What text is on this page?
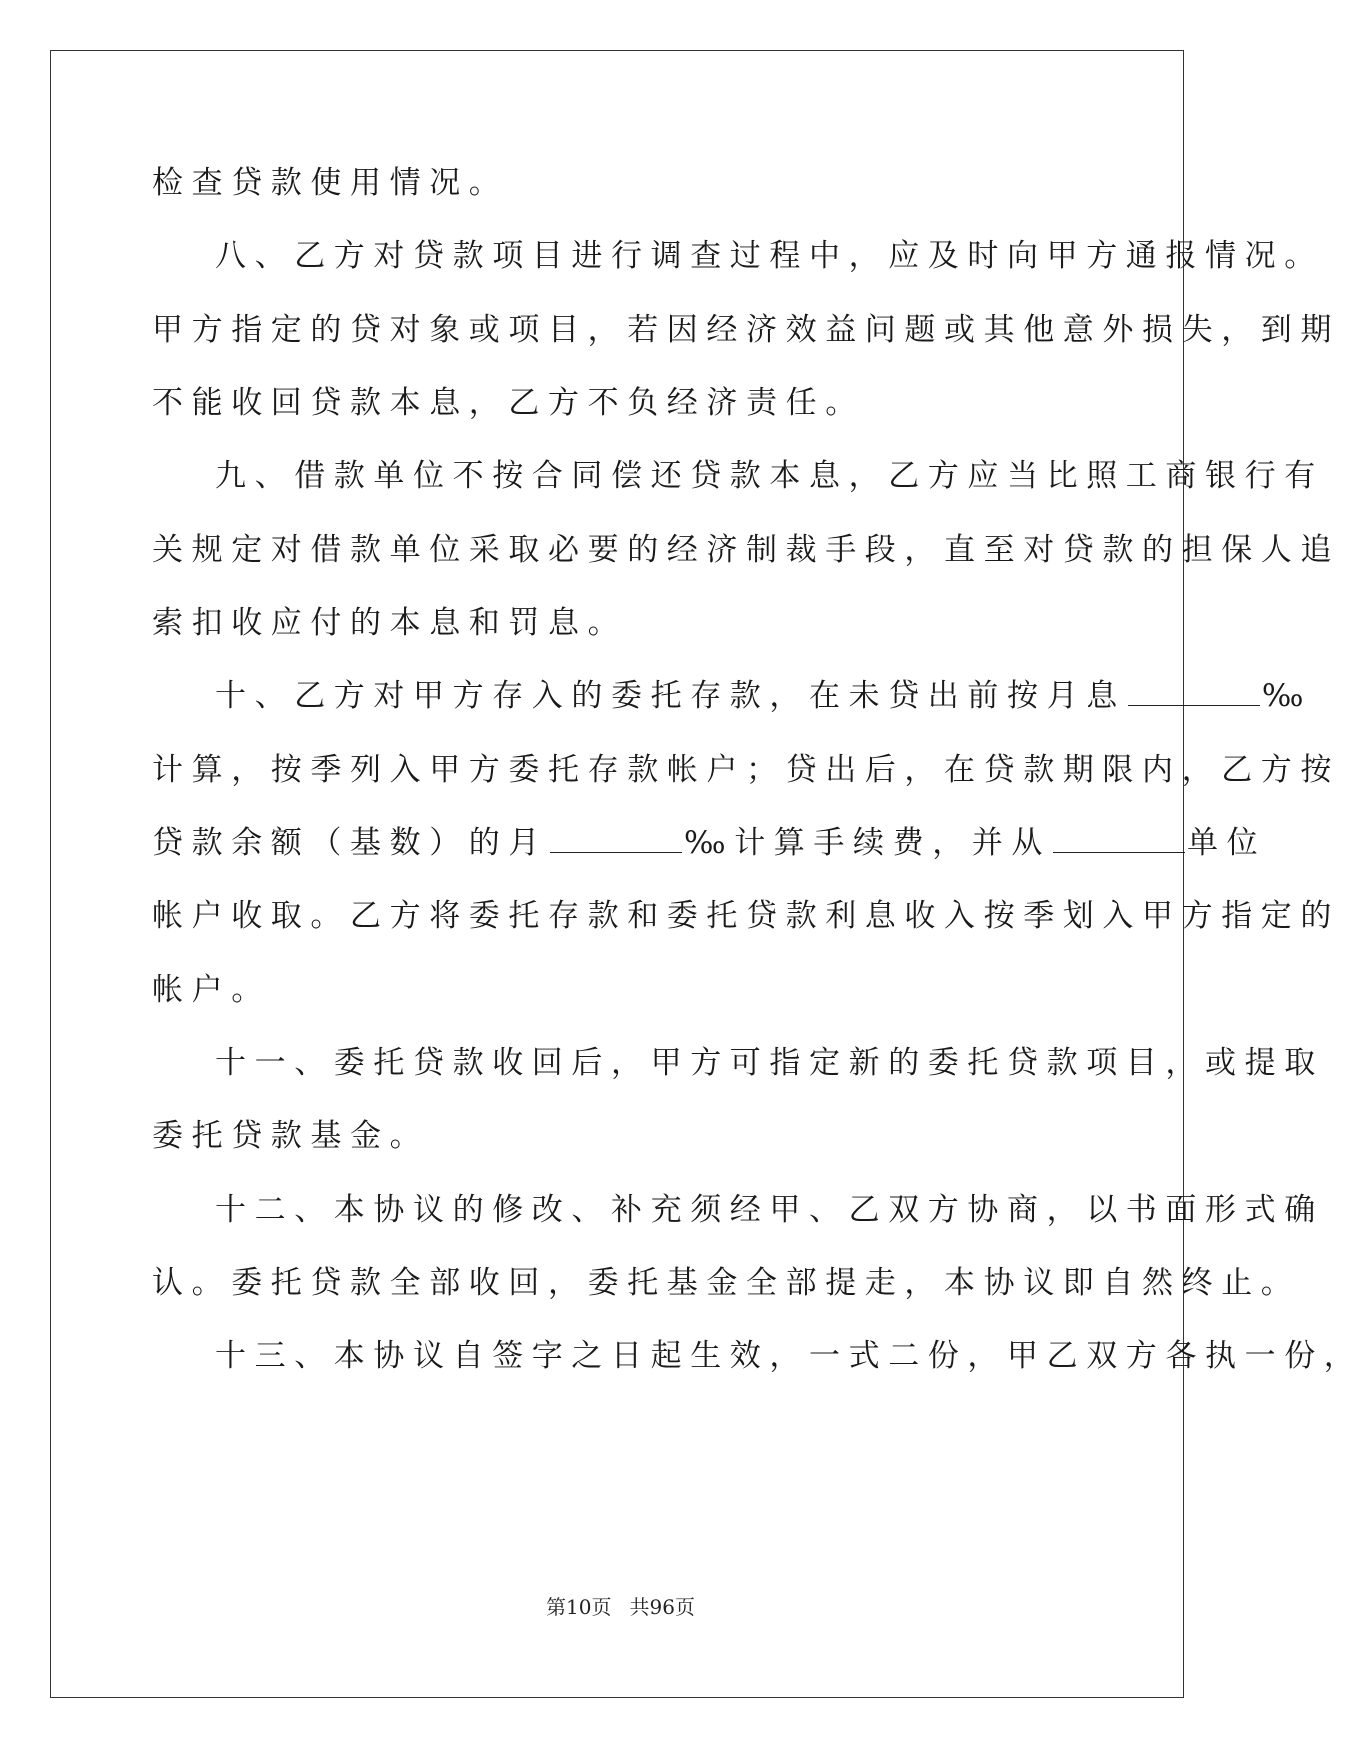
检查贷款使用情况。
八、乙方对贷款项目进行调查过程中，应及时向甲方通报情况。
甲方指定的贷对象或项目，若因经济效益问题或其他意外损失，到期
不能收回贷款本息，乙方不负经济责任。
九、借款单位不按合同偿还贷款本息，乙方应当比照工商银行有
关规定对借款单位采取必要的经济制裁手段，直至对贷款的担保人追
索扣收应付的本息和罚息。
十、乙方对甲方存入的委托存款，在未贷出前按月息	‰
计算，按季列入甲方委托存款帐户；贷出后，在贷款期限内，乙方按
贷款余额（基数）的月	‰计算手续费，并从	单位
帐户收取。乙方将委托存款和委托贷款利息收入按季划入甲方指定的
帐户。
十一、委托贷款收回后，甲方可指定新的委托贷款项目，或提取
委托贷款基金。
十二、本协议的修改、补充须经甲、乙双方协商，以书面形式确
认。委托贷款全部收回，委托基金全部提走，本协议即自然终止。
十三、本协议自签字之日起生效，一式二份，甲乙双方各执一份，
第10页 共96页
